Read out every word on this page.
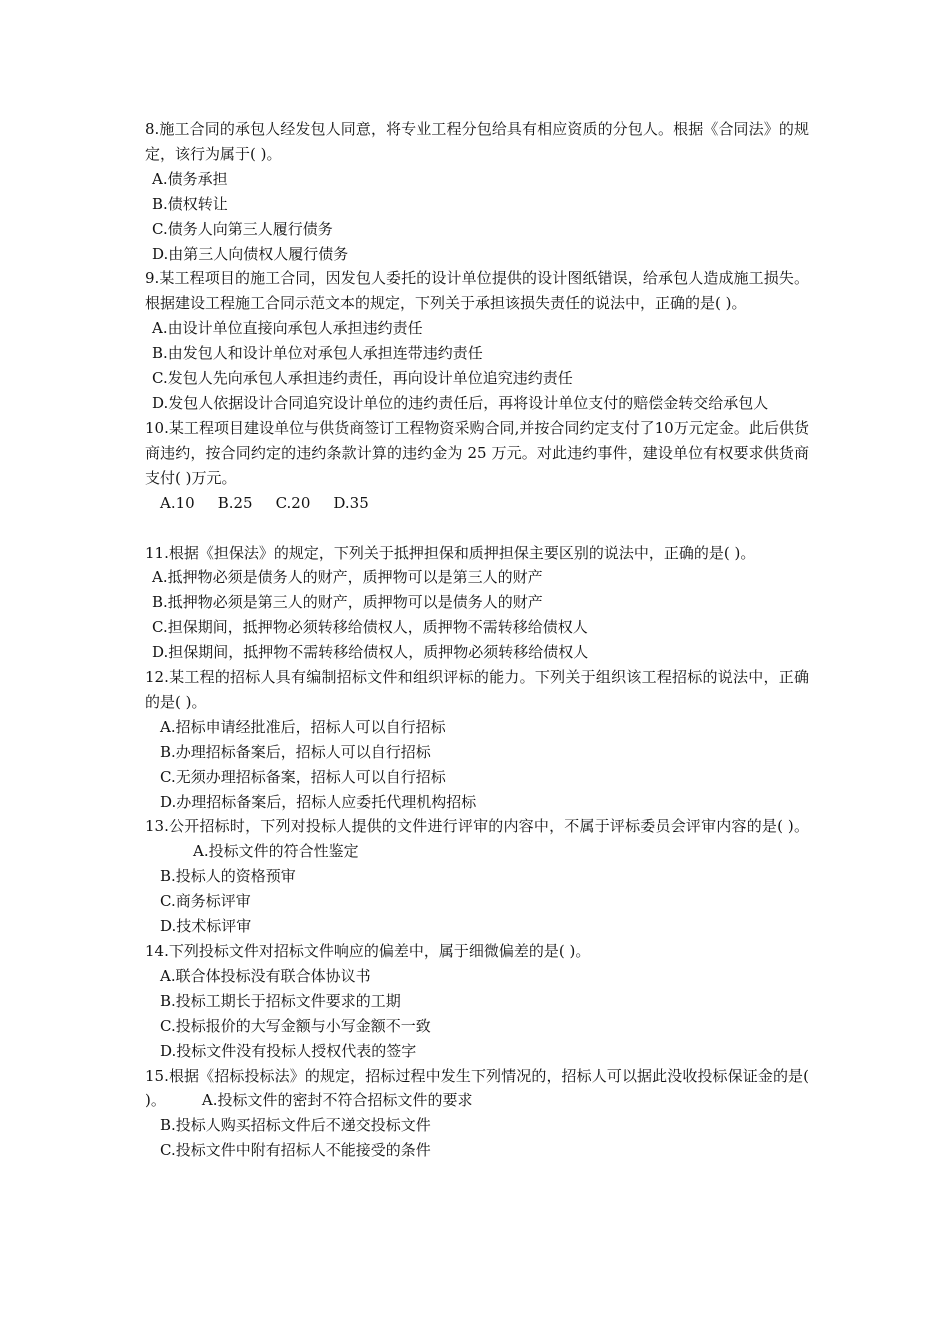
8.施工合同的承包人经发包人同意，将专业工程分包给具有相应资质的分包人。根据《合同法》的规定，该行为属于( )。

A.债务承担

B.债权转让

C.债务人向第三人履行债务

D.由第三人向债权人履行债务

9.某工程项目的施工合同，因发包人委托的设计单位提供的设计图纸错误，给承包人造成施工损失。根据建设工程施工合同示范文本的规定，下列关于承担该损失责任的说法中，正确的是( )。

A.由设计单位直接向承包人承担违约责任

B.由发包人和设计单位对承包人承担连带违约责任

C.发包人先向承包人承担违约责任，再向设计单位追究违约责任

D.发包人依据设计合同追究设计单位的违约责任后，再将设计单位支付的赔偿金转交给承包人

10.某工程项目建设单位与供货商签订工程物资采购合同,并按合同约定支付了10万元定金。此后供货商违约，按合同约定的违约条款计算的违约金为 25 万元。对此违约事件，建设单位有权要求供货商支付( )万元。

A.10 B.25 C.20 D.35

11.根据《担保法》的规定，下列关于抵押担保和质押担保主要区别的说法中，正确的是( )。

A.抵押物必须是债务人的财产，质押物可以是第三人的财产

B.抵押物必须是第三人的财产，质押物可以是债务人的财产

C.担保期间，抵押物必须转移给债权人，质押物不需转移给债权人

D.担保期间，抵押物不需转移给债权人，质押物必须转移给债权人

12.某工程的招标人具有编制招标文件和组织评标的能力。下列关于组织该工程招标的说法中，正确的是( )。

A.招标申请经批准后，招标人可以自行招标

B.办理招标备案后，招标人可以自行招标

C.无须办理招标备案，招标人可以自行招标

D.办理招标备案后，招标人应委托代理机构招标

13.公开招标时，下列对投标人提供的文件进行评审的内容中，不属于评标委员会评审内容的是( )。A.投标文件的符合性鉴定

B.投标人的资格预审

C.商务标评审

D.技术标评审

14.下列投标文件对招标文件响应的偏差中，属于细微偏差的是( )。

A.联合体投标没有联合体协议书

B.投标工期长于招标文件要求的工期

C.投标报价的大写金额与小写金额不一致

D.投标文件没有投标人授权代表的签字

15.根据《招标投标法》的规定，招标过程中发生下列情况的，招标人可以据此没收投标保证金的是( )。 A.投标文件的密封不符合招标文件的要求

B.投标人购买招标文件后不递交投标文件

C.投标文件中附有招标人不能接受的条件
